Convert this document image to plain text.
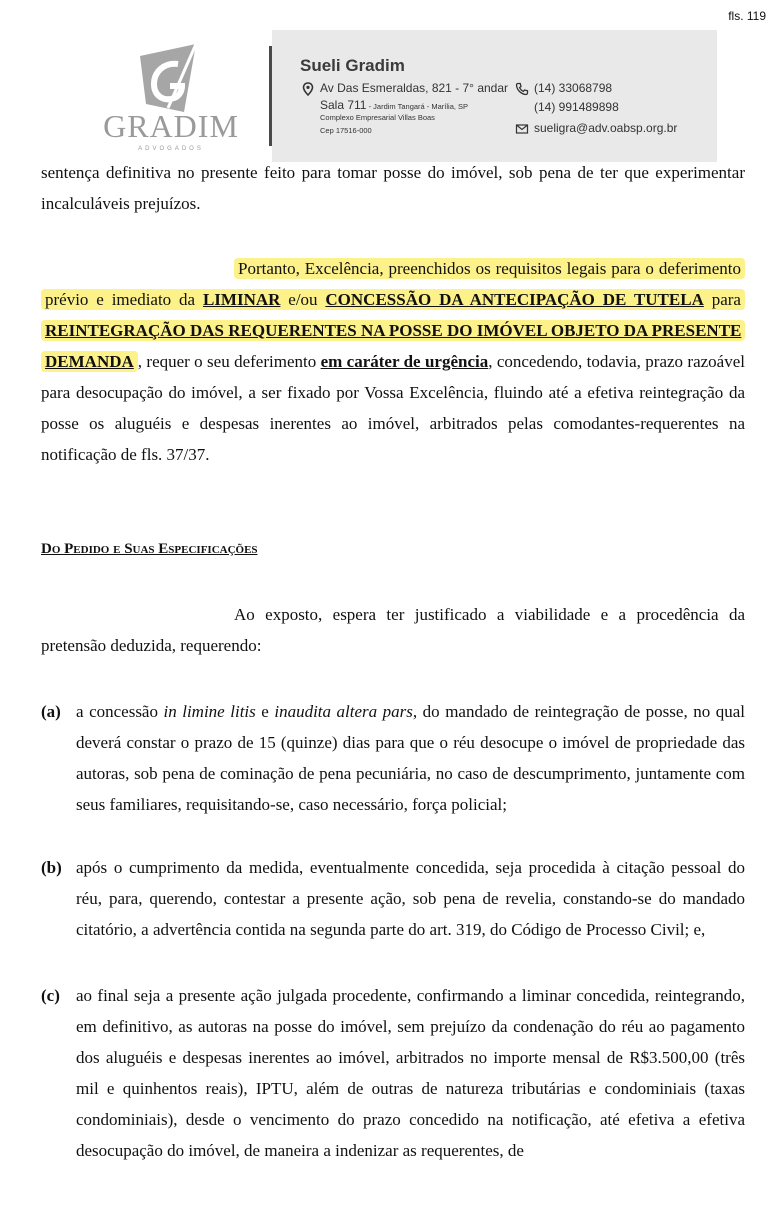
fls. 119
GRADIM
ADVOGADOS
Sueli Gradim
Av Das Esmeraldas, 821 - 7° andar
Sala 711 - Jardim Tangará - Marília, SP
Complexo Empresarial Villas Boas
Cep 17516-000
(14) 33068798
(14) 991489898
sueligra@adv.oabsp.org.br
sentença definitiva no presente feito para tomar posse do imóvel, sob pena de ter que experimentar incalculáveis prejuízos.
Portanto, Excelência, preenchidos os requisitos legais para o deferimento prévio e imediato da LIMINAR e/ou CONCESSÃO DA ANTECIPAÇÃO DE TUTELA para REINTEGRAÇÃO DAS REQUERENTES NA POSSE DO IMÓVEL OBJETO DA PRESENTE DEMANDA , requer o seu deferimento em caráter de urgência, concedendo, todavia, prazo razoável para desocupação do imóvel, a ser fixado por Vossa Excelência, fluindo até a efetiva reintegração da posse os aluguéis e despesas inerentes ao imóvel, arbitrados pelas comodantes-requerentes na notificação de fls. 37/37.
Do Pedido e Suas Especificações
Ao exposto, espera ter justificado a viabilidade e a procedência da pretensão deduzida, requerendo:
(a) a concessão in limine litis e inaudita altera pars, do mandado de reintegração de posse, no qual deverá constar o prazo de 15 (quinze) dias para que o réu desocupe o imóvel de propriedade das autoras, sob pena de cominação de pena pecuniária, no caso de descumprimento, juntamente com seus familiares, requisitando-se, caso necessário, força policial;
(b) após o cumprimento da medida, eventualmente concedida, seja procedida à citação pessoal do réu, para, querendo, contestar a presente ação, sob pena de revelia, constando-se do mandado citatório, a advertência contida na segunda parte do art. 319, do Código de Processo Civil; e,
(c) ao final seja a presente ação julgada procedente, confirmando a liminar concedida, reintegrando, em definitivo, as autoras na posse do imóvel, sem prejuízo da condenação do réu ao pagamento dos aluguéis e despesas inerentes ao imóvel, arbitrados no importe mensal de R$3.500,00 (três mil e quinhentos reais), IPTU, além de outras de natureza tributárias e condominiais (taxas condominiais), desde o vencimento do prazo concedido na notificação, até efetiva a efetiva desocupação do imóvel, de maneira a indenizar as requerentes, de
